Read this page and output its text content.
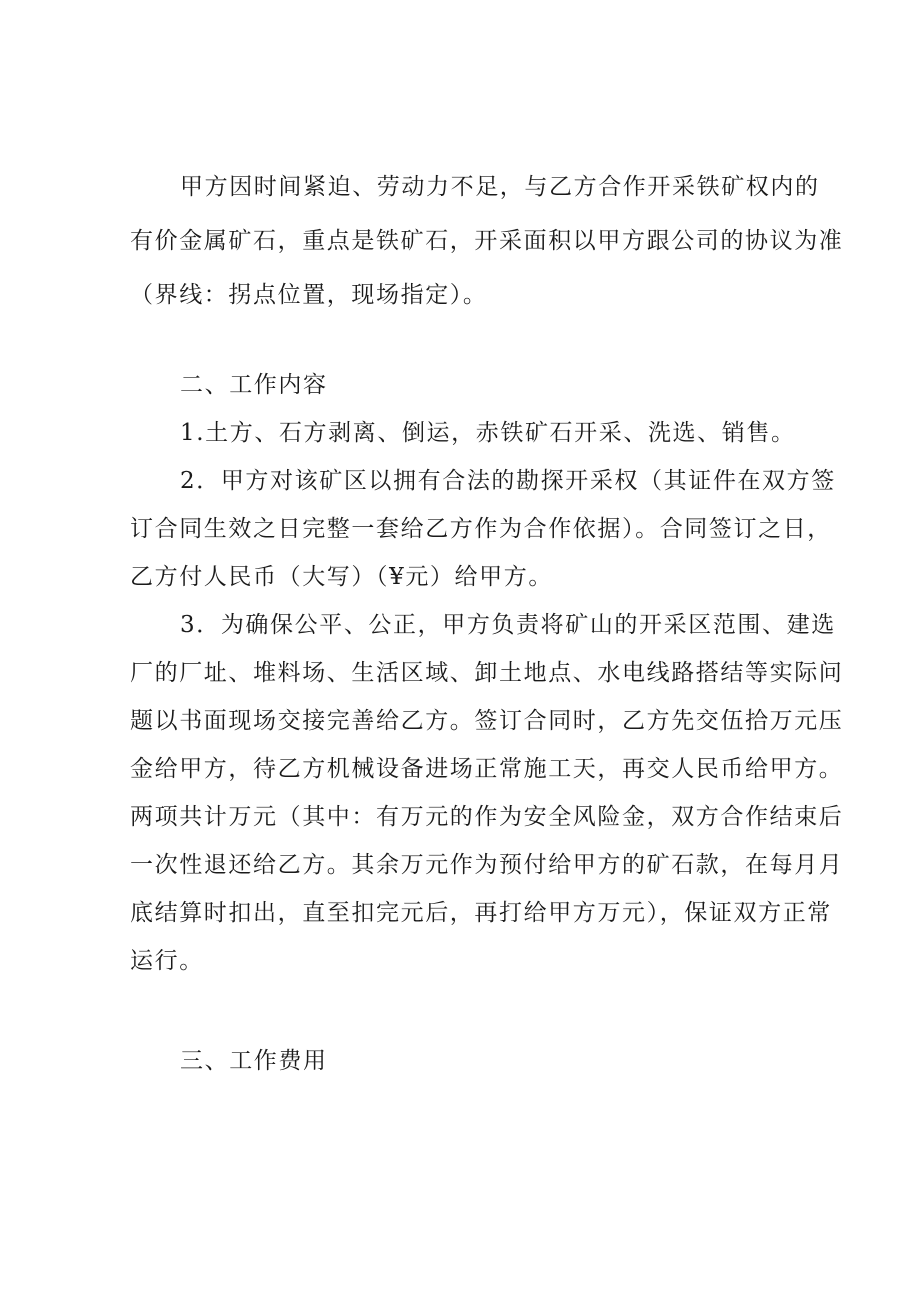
甲方因时间紧迫、劳动力不足，与乙方合作开采铁矿权内的
有价金属矿石，重点是铁矿石，开采面积以甲方跟公司的协议为准
（界线：拐点位置，现场指定）。
二、工作内容
1.土方、石方剥离、倒运，赤铁矿石开采、洗选、销售。
2．甲方对该矿区以拥有合法的勘探开采权（其证件在双方签
订合同生效之日完整一套给乙方作为合作依据）。合同签订之日，
乙方付人民币（大写）（¥元）给甲方。
3．为确保公平、公正，甲方负责将矿山的开采区范围、建选
厂的厂址、堆料场、生活区域、卸土地点、水电线路搭结等实际问
题以书面现场交接完善给乙方。签订合同时，乙方先交伍拾万元压
金给甲方，待乙方机械设备进场正常施工天，再交人民币给甲方。
两项共计万元（其中：有万元的作为安全风险金，双方合作结束后
一次性退还给乙方。其余万元作为预付给甲方的矿石款，在每月月
底结算时扣出，直至扣完元后，再打给甲方万元），保证双方正常
运行。
三、工作费用
